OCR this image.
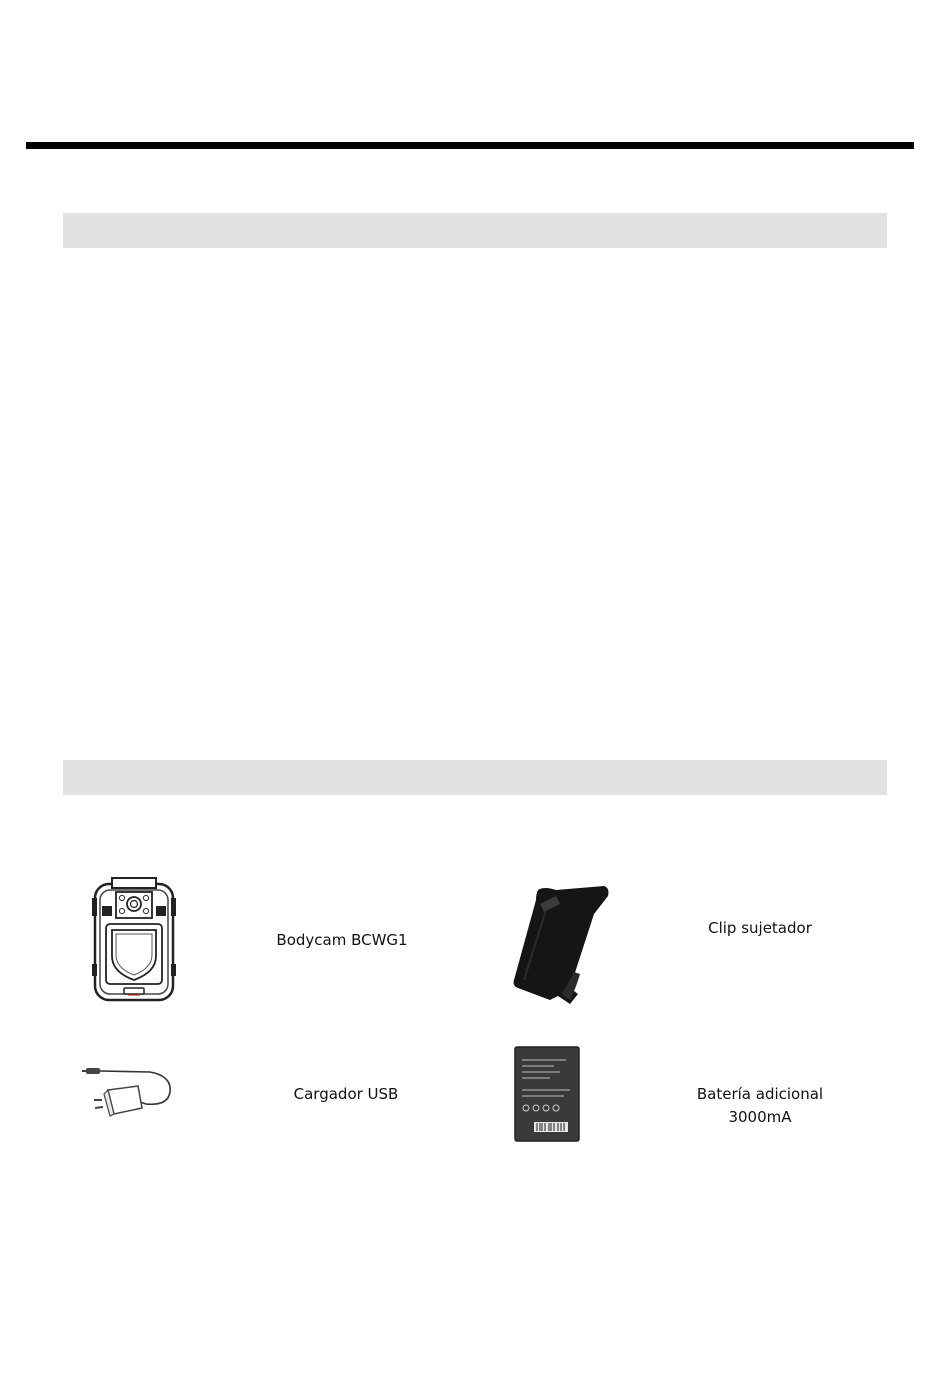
Bodycam BCWG1
Clip sujetador
Cargador USB	Batería adicional
3000mA
